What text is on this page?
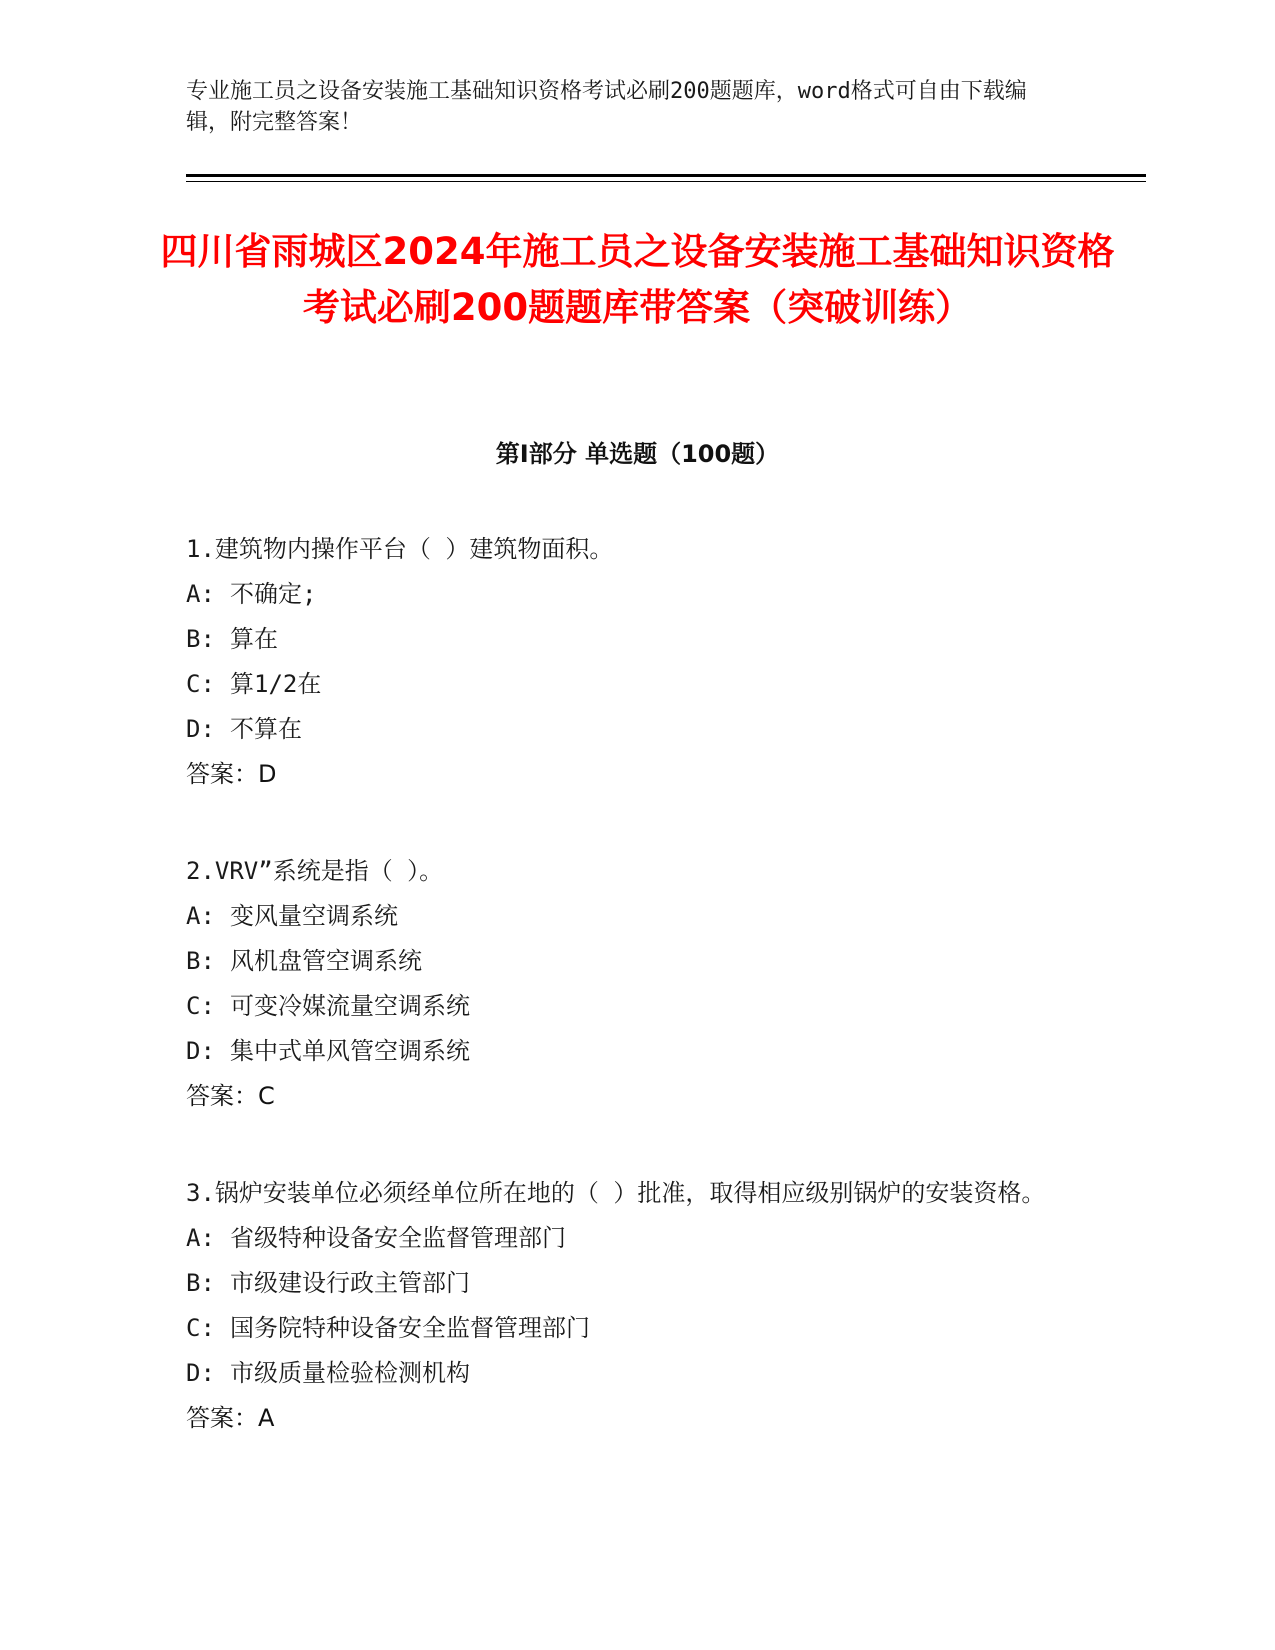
专业施工员之设备安装施工基础知识资格考试必刷200题题库，word格式可自由下载编辑，附完整答案！

四川省雨城区2024年施工员之设备安装施工基础知识资格考试必刷200题题库带答案（突破训练）
第I部分 单选题（100题）

1.建筑物内操作平台（ ）建筑物面积。

A: 不确定;

B: 算在

C: 算1/2在

D: 不算在

答案：D

2.VRV”系统是指（ ）。

A: 变风量空调系统

B: 风机盘管空调系统

C: 可变冷媒流量空调系统

D: 集中式单风管空调系统

答案：C

3.锅炉安装单位必须经单位所在地的（ ）批准，取得相应级别锅炉的安装资格。

A: 省级特种设备安全监督管理部门

B: 市级建设行政主管部门

C: 国务院特种设备安全监督管理部门

D: 市级质量检验检测机构

答案：A
